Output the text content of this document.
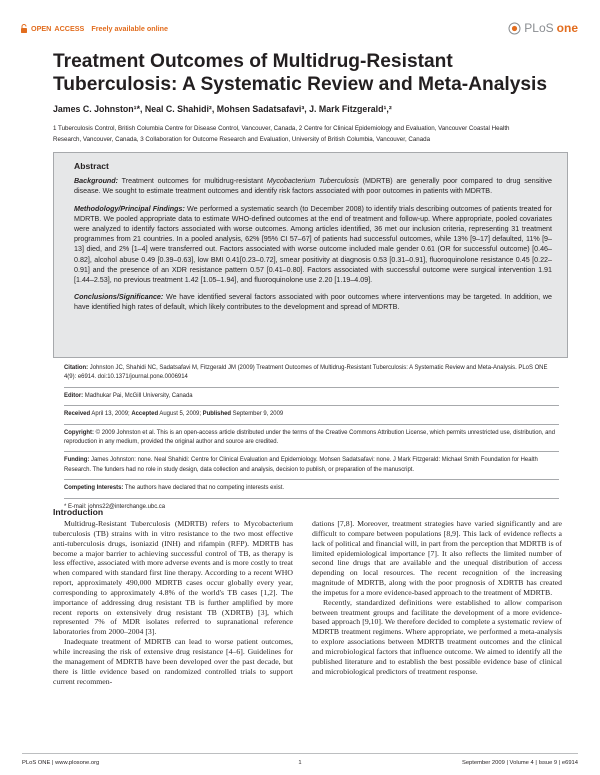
OPEN ACCESS Freely available online	PLoS one
Treatment Outcomes of Multidrug-Resistant
Tuberculosis: A Systematic Review and Meta-Analysis
James C. Johnston¹*, Neal C. Shahidi², Mohsen Sadatsafavi³, J. Mark Fitzgerald¹,²
1 Tuberculosis Control, British Columbia Centre for Disease Control, Vancouver, Canada, 2 Centre for Clinical Epidemiology and Evaluation, Vancouver Coastal Health
Research, Vancouver, Canada, 3 Collaboration for Outcome Research and Evaluation, University of British Columbia, Vancouver, Canada
Abstract

Background: Treatment outcomes for multidrug-resistant Mycobacterium Tuberculosis (MDRTB) are generally poor compared to drug sensitive disease. We sought to estimate treatment outcomes and identify risk factors associated with poor outcomes in patients with MDRTB.

Methodology/Principal Findings: We performed a systematic search (to December 2008) to identify trials describing outcomes of patients treated for MDRTB. We pooled appropriate data to estimate WHO-defined outcomes at the end of treatment and follow-up. Where appropriate, pooled covariates were analyzed to identify factors associated with worse outcomes. Among articles identified, 36 met our inclusion criteria, representing 31 treatment programmes from 21 countries. In a pooled analysis, 62% [95% CI 57–67] of patients had successful outcomes, while 13% [9–17] defaulted, 11% [9–13] died, and 2% [1–4] were transferred out. Factors associated with worse outcome included male gender 0.61 (OR for successful outcome) [0.46–0.82], alcohol abuse 0.49 [0.39–0.63], low BMI 0.41[0.23–0.72], smear positivity at diagnosis 0.53 [0.31–0.91], fluoroquinolone resistance 0.45 [0.22–0.91] and the presence of an XDR resistance pattern 0.57 [0.41–0.80]. Factors associated with successful outcome were surgical intervention 1.91 [1.44–2.53], no previous treatment 1.42 [1.05–1.94], and fluoroquinolone use 2.20 [1.19–4.09].

Conclusions/Significance: We have identified several factors associated with poor outcomes where interventions may be targeted. In addition, we have identified high rates of default, which likely contributes to the development and spread of MDRTB.

Citation: Johnston JC, Shahidi NC, Sadatsafavi M, Fitzgerald JM (2009) Treatment Outcomes of Multidrug-Resistant Tuberculosis: A Systematic Review and Meta-Analysis. PLoS ONE 4(9): e6914. doi:10.1371/journal.pone.0006914

Editor: Madhukar Pai, McGill University, Canada

Received April 13, 2009; Accepted August 5, 2009; Published September 9, 2009

Copyright: © 2009 Johnston et al. This is an open-access article distributed under the terms of the Creative Commons Attribution License, which permits unrestricted use, distribution, and reproduction in any medium, provided the original author and source are credited.

Funding: James Johnston: none. Neal Shahidi: Centre for Clinical Evaluation and Epidemiology. Mohsen Sadatsafavi: none. J Mark Fitzgerald: Michael Smith Foundation for Health Research. The funders had no role in study design, data collection and analysis, decision to publish, or preparation of the manuscript.

Competing Interests: The authors have declared that no competing interests exist.

* E-mail: johns22@interchange.ubc.ca

Introduction

Multidrug-Resistant Tuberculosis (MDRTB) refers to Mycobacterium tuberculosis (TB) strains with in vitro resistance to the two most effective anti-tuberculosis drugs, isoniazid (INH) and rifampin (RFP). MDRTB has become a major barrier to achieving successful control of TB, as therapy is less effective, associated with more adverse events and is more costly to treat when compared with standard first line therapy. According to a recent WHO report, approximately 490,000 MDRTB cases occur globally every year, corresponding to approximately 4.8% of the world's TB cases [1,2]. The importance of addressing drug resistant TB is further amplified by more recent reports on extensively drug resistant TB (XDRTB) [3], which represented 7% of MDR isolates referred to supranational reference laboratories from 2000–2004 [3].

Inadequate treatment of MDRTB can lead to worse patient outcomes, while increasing the risk of extensive drug resistance [4–6]. Guidelines for the management of MDRTB have been developed over the past decade, but there is little evidence based on randomized controlled trials to support current recommen-

dations [7,8]. Moreover, treatment strategies have varied significantly and are difficult to compare between populations [8,9]. This lack of evidence reflects a lack of political and financial will, in part from the perception that MDRTB is of limited epidemiological importance [7]. It also reflects the limited number of second line drugs that are available and the unequal distribution of access depending on local resources. The recent recognition of the increasing magnitude of MDRTB, along with the poor prognosis of XDRTB has created the impetus for a more evidence-based approach to the treatment of MDRTB.

Recently, standardized definitions were established to allow comparison between treatment groups and facilitate the development of a more evidence-based approach [9,10]. We therefore decided to complete a systematic review of MDRTB treatment regimens. Where appropriate, we performed a meta-analysis to explore associations between MDRTB treatment outcomes and the clinical and microbiological factors that influence outcome. We aimed to identify all the published literature and to establish the best possible evidence base of clinical and microbiological predictors of treatment response.

PLoS ONE | www.plosone.org	1	September 2009 | Volume 4 | Issue 9 | e6914
